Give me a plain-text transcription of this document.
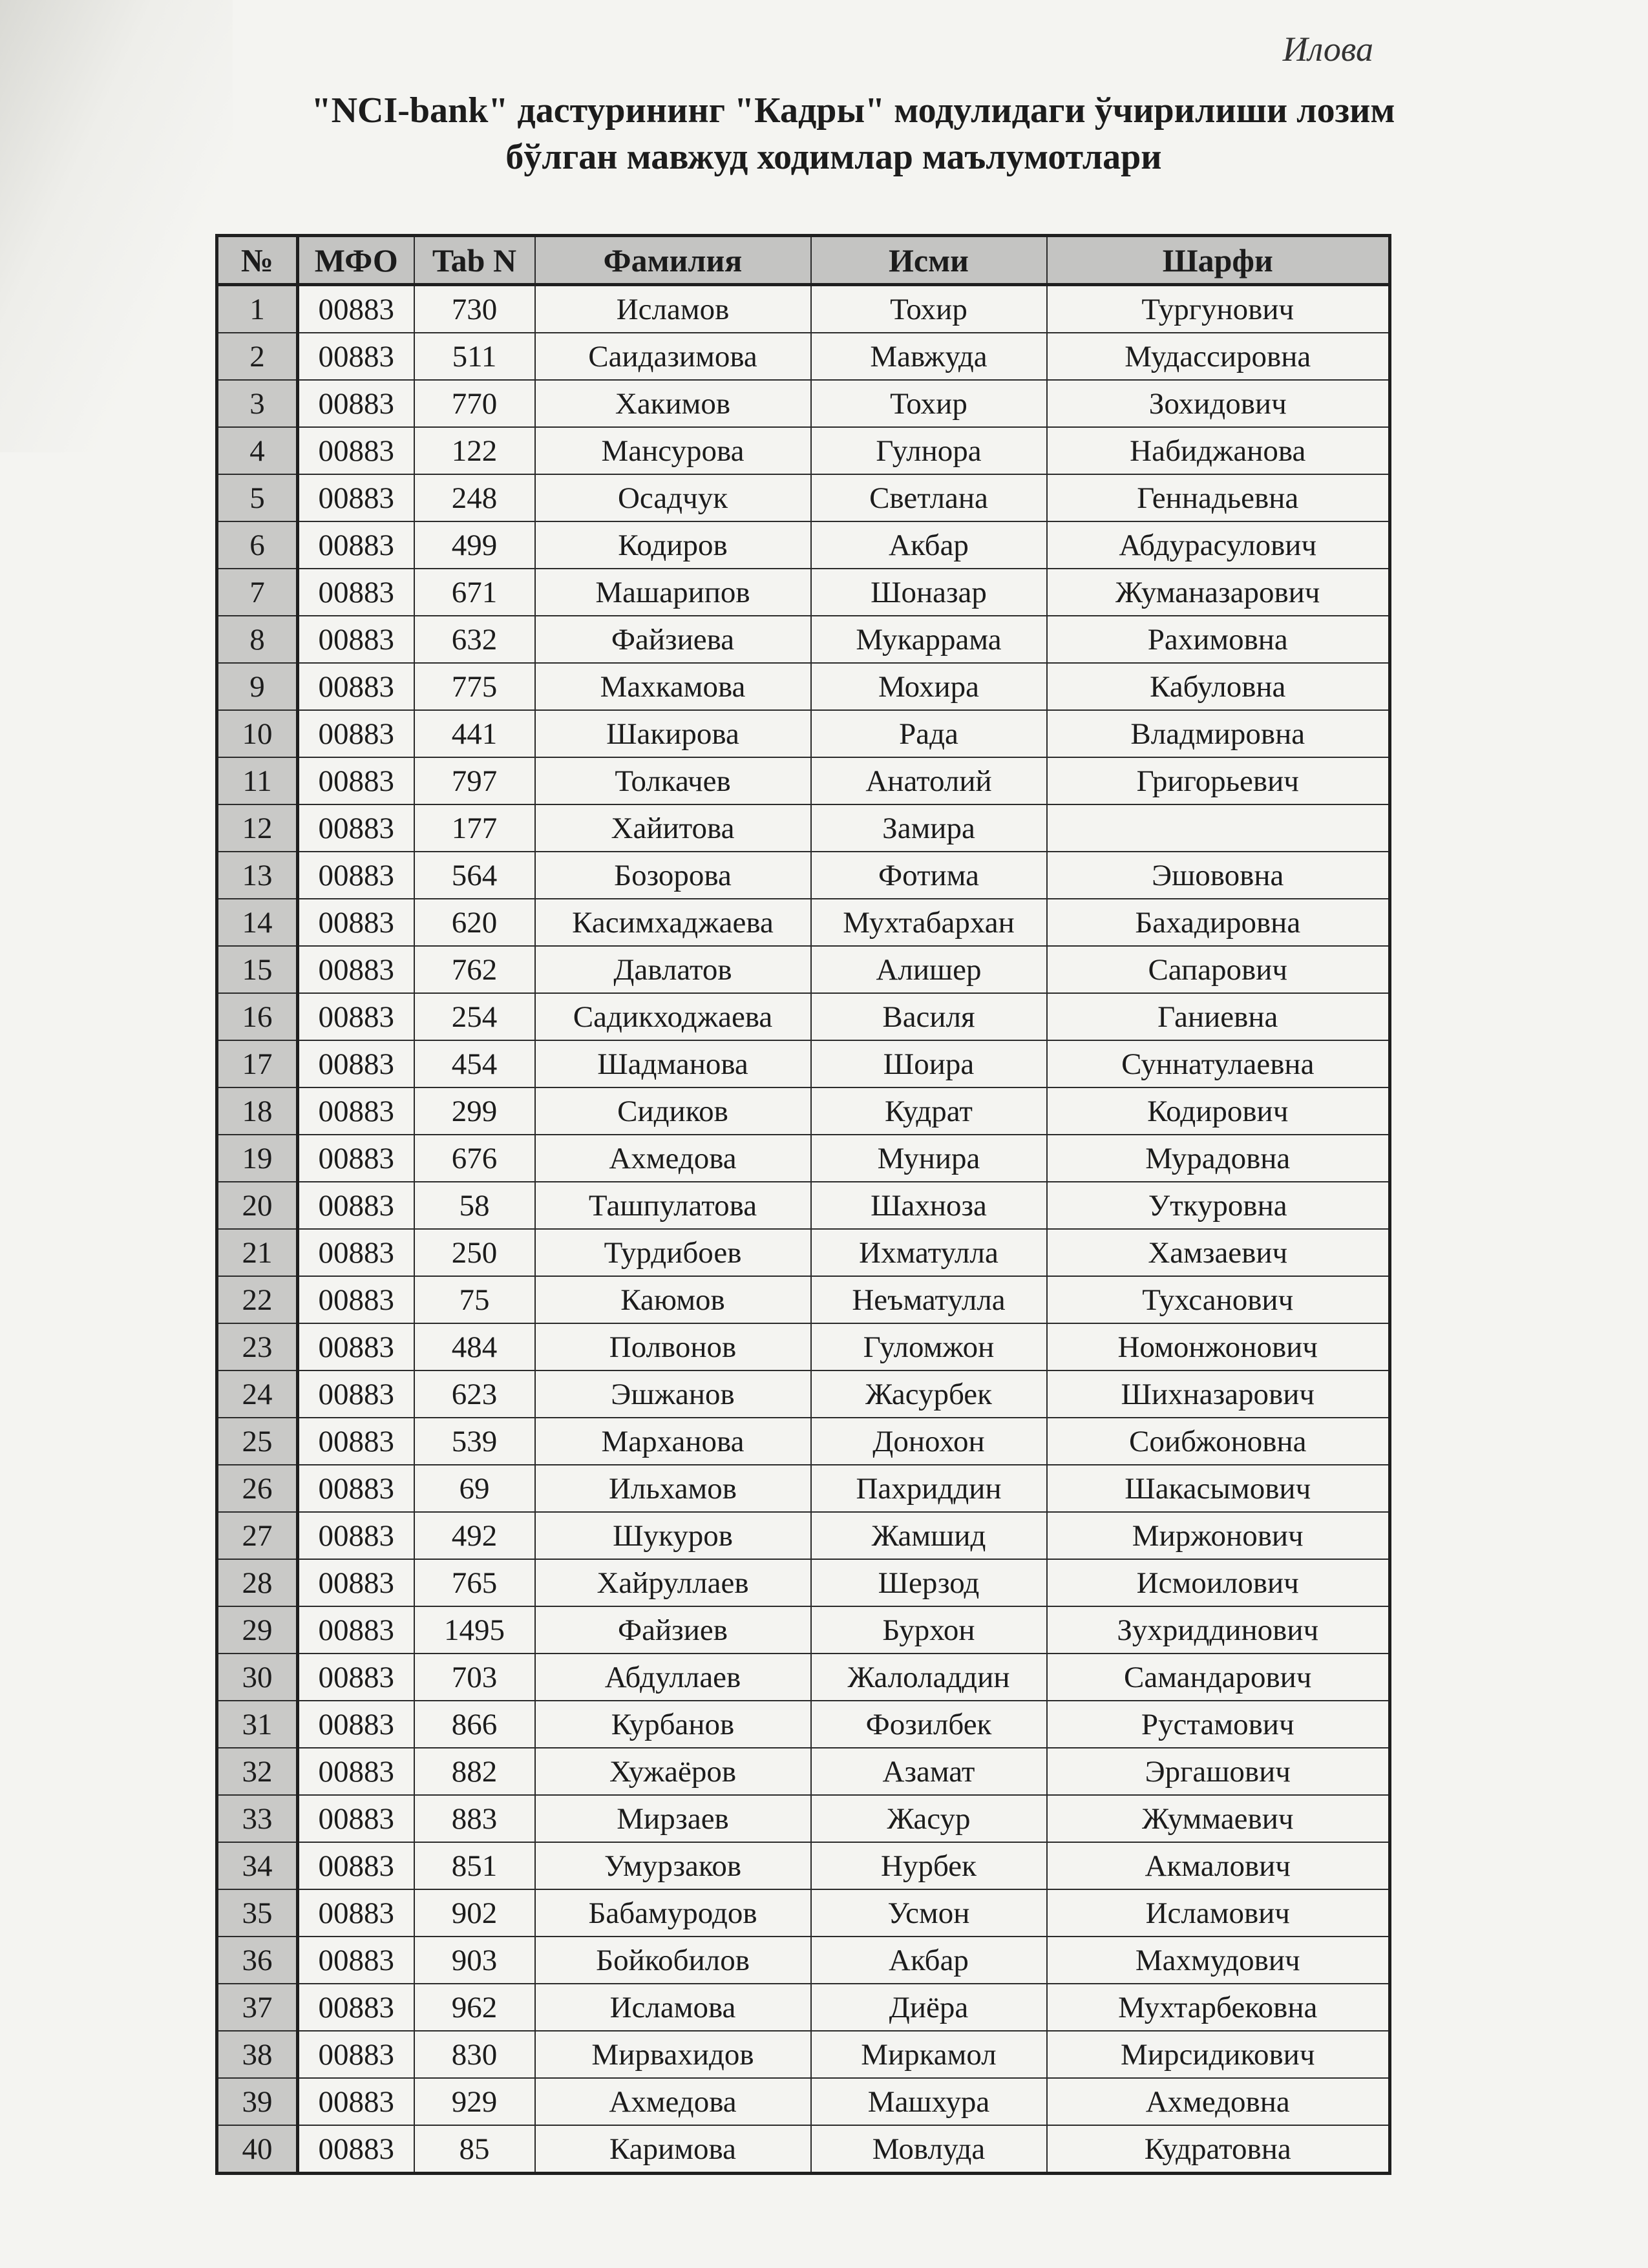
Илова
"NCI-bank" дастурининг "Кадры" модулидаги ўчирилиши лозим
бўлган мавжуд ходимлар маълумотлари
№	МФО	Tab N	Фамилия	Исми	Шарфи
1	00883	730	Исламов	Тохир	Тургунович
2	00883	511	Саидазимова	Мавжуда	Мудассировна
3	00883	770	Хакимов	Тохир	Зохидович
4	00883	122	Мансурова	Гулнора	Набиджанова
5	00883	248	Осадчук	Светлана	Геннадьевна
6	00883	499	Кодиров	Акбар	Абдурасулович
7	00883	671	Машарипов	Шоназар	Жуманазарович
8	00883	632	Файзиева	Мукаррама	Рахимовна
9	00883	775	Махкамова	Мохира	Кабуловна
10	00883	441	Шакирова	Рада	Владмировна
11	00883	797	Толкачев	Анатолий	Григорьевич
12	00883	177	Хайитова	Замира	
13	00883	564	Бозорова	Фотима	Эшововна
14	00883	620	Касимхаджаева	Мухтабархан	Бахадировна
15	00883	762	Давлатов	Алишер	Сапарович
16	00883	254	Садикходжаева	Василя	Ганиевна
17	00883	454	Шадманова	Шоира	Суннатулаевна
18	00883	299	Сидиков	Кудрат	Кодирович
19	00883	676	Ахмедова	Мунира	Мурадовна
20	00883	58	Ташпулатова	Шахноза	Уткуровна
21	00883	250	Турдибоев	Ихматулла	Хамзаевич
22	00883	75	Каюмов	Неъматулла	Тухсанович
23	00883	484	Полвонов	Гуломжон	Номонжонович
24	00883	623	Эшжанов	Жасурбек	Шихназарович
25	00883	539	Марханова	Донохон	Соибжоновна
26	00883	69	Ильхамов	Пахриддин	Шакасымович
27	00883	492	Шукуров	Жамшид	Миржонович
28	00883	765	Хайруллаев	Шерзод	Исмоилович
29	00883	1495	Файзиев	Бурхон	Зухриддинович
30	00883	703	Абдуллаев	Жалоладдин	Самандарович
31	00883	866	Курбанов	Фозилбек	Рустамович
32	00883	882	Хужаёров	Азамат	Эргашович
33	00883	883	Мирзаев	Жасур	Жуммаевич
34	00883	851	Умурзаков	Нурбек	Акмалович
35	00883	902	Бабамуродов	Усмон	Исламович
36	00883	903	Бойкобилов	Акбар	Махмудович
37	00883	962	Исламова	Диёра	Мухтарбековна
38	00883	830	Мирвахидов	Миркамол	Мирсидикович
39	00883	929	Ахмедова	Машхура	Ахмедовна
40	00883	85	Каримова	Мовлуда	Кудратовна
